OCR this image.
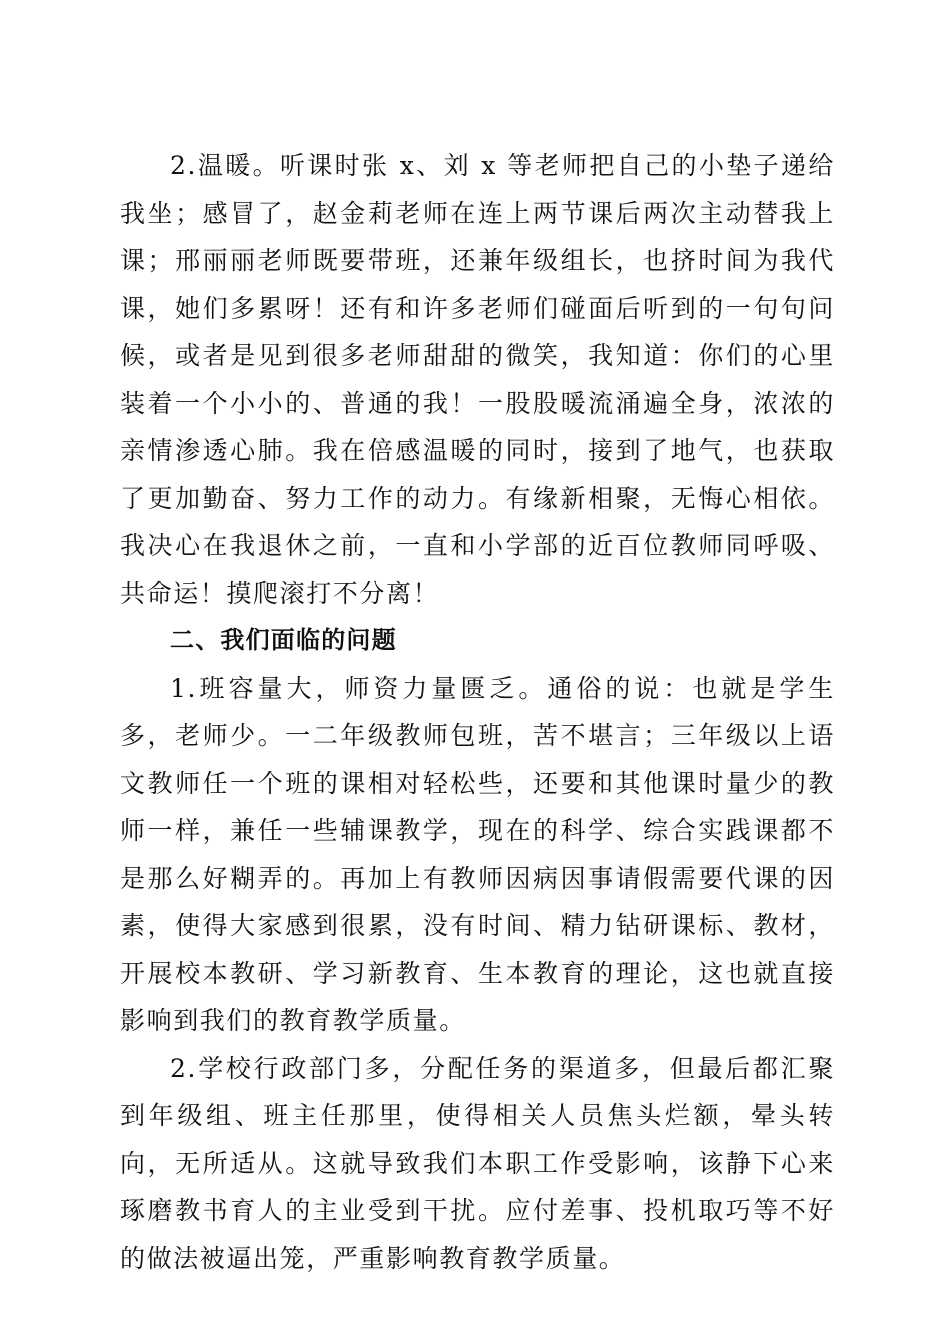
2.温暖。听课时张 x、刘 x 等老师把自己的小垫子递给我坐；感冒了，赵金莉老师在连上两节课后两次主动替我上课；邢丽丽老师既要带班，还兼年级组长，也挤时间为我代课，她们多累呀！还有和许多老师们碰面后听到的一句句问候，或者是见到很多老师甜甜的微笑，我知道：你们的心里装着一个小小的、普通的我！一股股暖流涌遍全身，浓浓的亲情渗透心肺。我在倍感温暖的同时，接到了地气，也获取了更加勤奋、努力工作的动力。有缘新相聚，无悔心相依。我决心在我退休之前，一直和小学部的近百位教师同呼吸、共命运！摸爬滚打不分离！

二、我们面临的问题

1.班容量大，师资力量匮乏。通俗的说：也就是学生多，老师少。一二年级教师包班，苦不堪言；三年级以上语文教师任一个班的课相对轻松些，还要和其他课时量少的教师一样，兼任一些辅课教学，现在的科学、综合实践课都不是那么好糊弄的。再加上有教师因病因事请假需要代课的因素，使得大家感到很累，没有时间、精力钻研课标、教材，开展校本教研、学习新教育、生本教育的理论，这也就直接影响到我们的教育教学质量。

2.学校行政部门多，分配任务的渠道多，但最后都汇聚到年级组、班主任那里，使得相关人员焦头烂额，晕头转向，无所适从。这就导致我们本职工作受影响，该静下心来琢磨教书育人的主业受到干扰。应付差事、投机取巧等不好的做法被逼出笼，严重影响教育教学质量。
